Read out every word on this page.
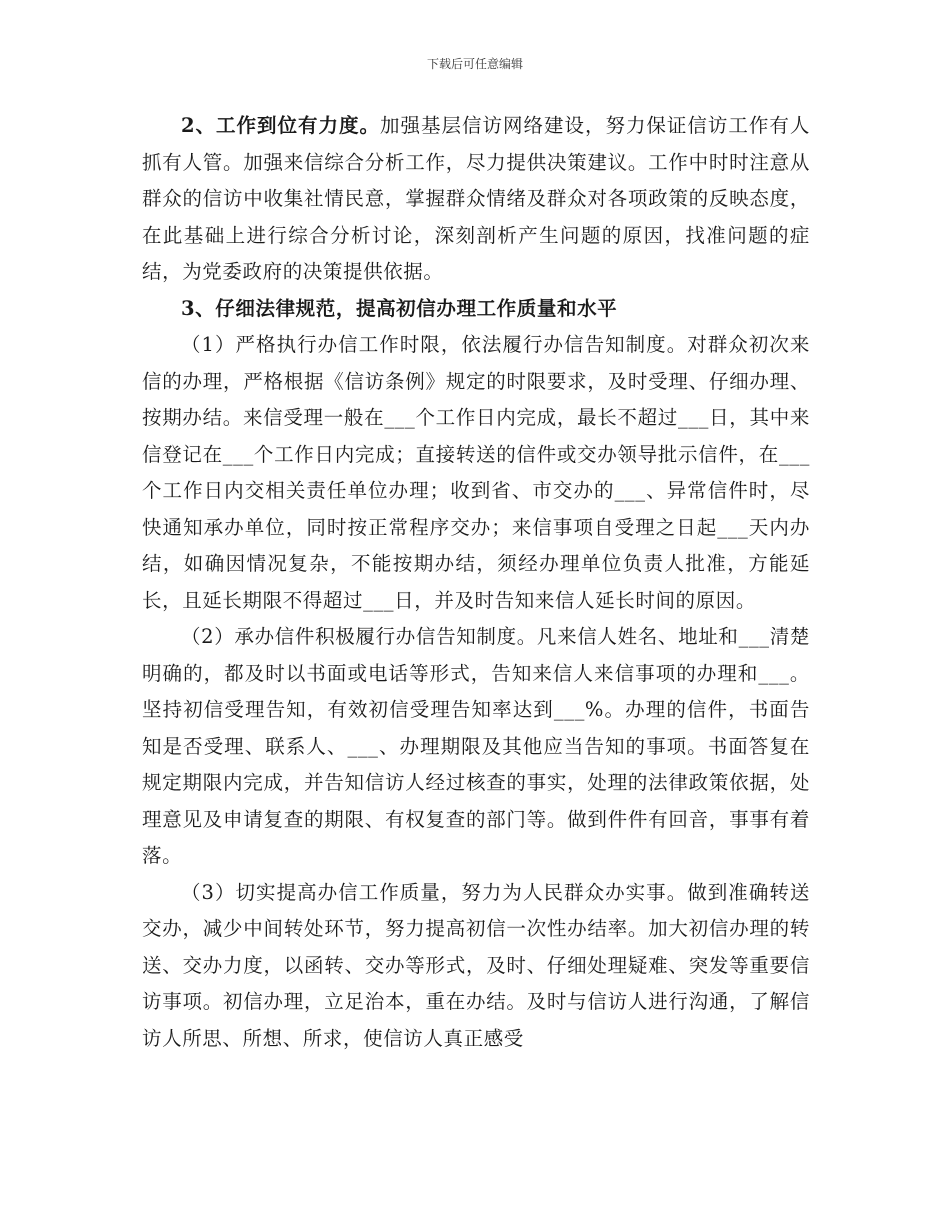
下载后可任意编辑

2、工作到位有力度。加强基层信访网络建设，努力保证信访工作有人抓有人管。加强来信综合分析工作，尽力提供决策建议。工作中时时注意从群众的信访中收集社情民意，掌握群众情绪及群众对各项政策的反映态度，在此基础上进行综合分析讨论，深刻剖析产生问题的原因，找准问题的症结，为党委政府的决策提供依据。

3、仔细法律规范，提高初信办理工作质量和水平

（1）严格执行办信工作时限，依法履行办信告知制度。对群众初次来信的办理，严格根据《信访条例》规定的时限要求，及时受理、仔细办理、按期办结。来信受理一般在___个工作日内完成，最长不超过___日，其中来信登记在___个工作日内完成；直接转送的信件或交办领导批示信件，在___个工作日内交相关责任单位办理；收到省、市交办的___、异常信件时，尽快通知承办单位，同时按正常程序交办；来信事项自受理之日起___天内办结，如确因情况复杂，不能按期办结，须经办理单位负责人批准，方能延长，且延长期限不得超过___日，并及时告知来信人延长时间的原因。

（2）承办信件积极履行办信告知制度。凡来信人姓名、地址和___清楚明确的，都及时以书面或电话等形式，告知来信人来信事项的办理和___。坚持初信受理告知，有效初信受理告知率达到___%。办理的信件，书面告知是否受理、联系人、___、办理期限及其他应当告知的事项。书面答复在规定期限内完成，并告知信访人经过核查的事实，处理的法律政策依据，处理意见及申请复查的期限、有权复查的部门等。做到件件有回音，事事有着落。

（3）切实提高办信工作质量，努力为人民群众办实事。做到准确转送交办，减少中间转处环节，努力提高初信一次性办结率。加大初信办理的转送、交办力度，以函转、交办等形式，及时、仔细处理疑难、突发等重要信访事项。初信办理，立足治本，重在办结。及时与信访人进行沟通，了解信访人所思、所想、所求，使信访人真正感受
